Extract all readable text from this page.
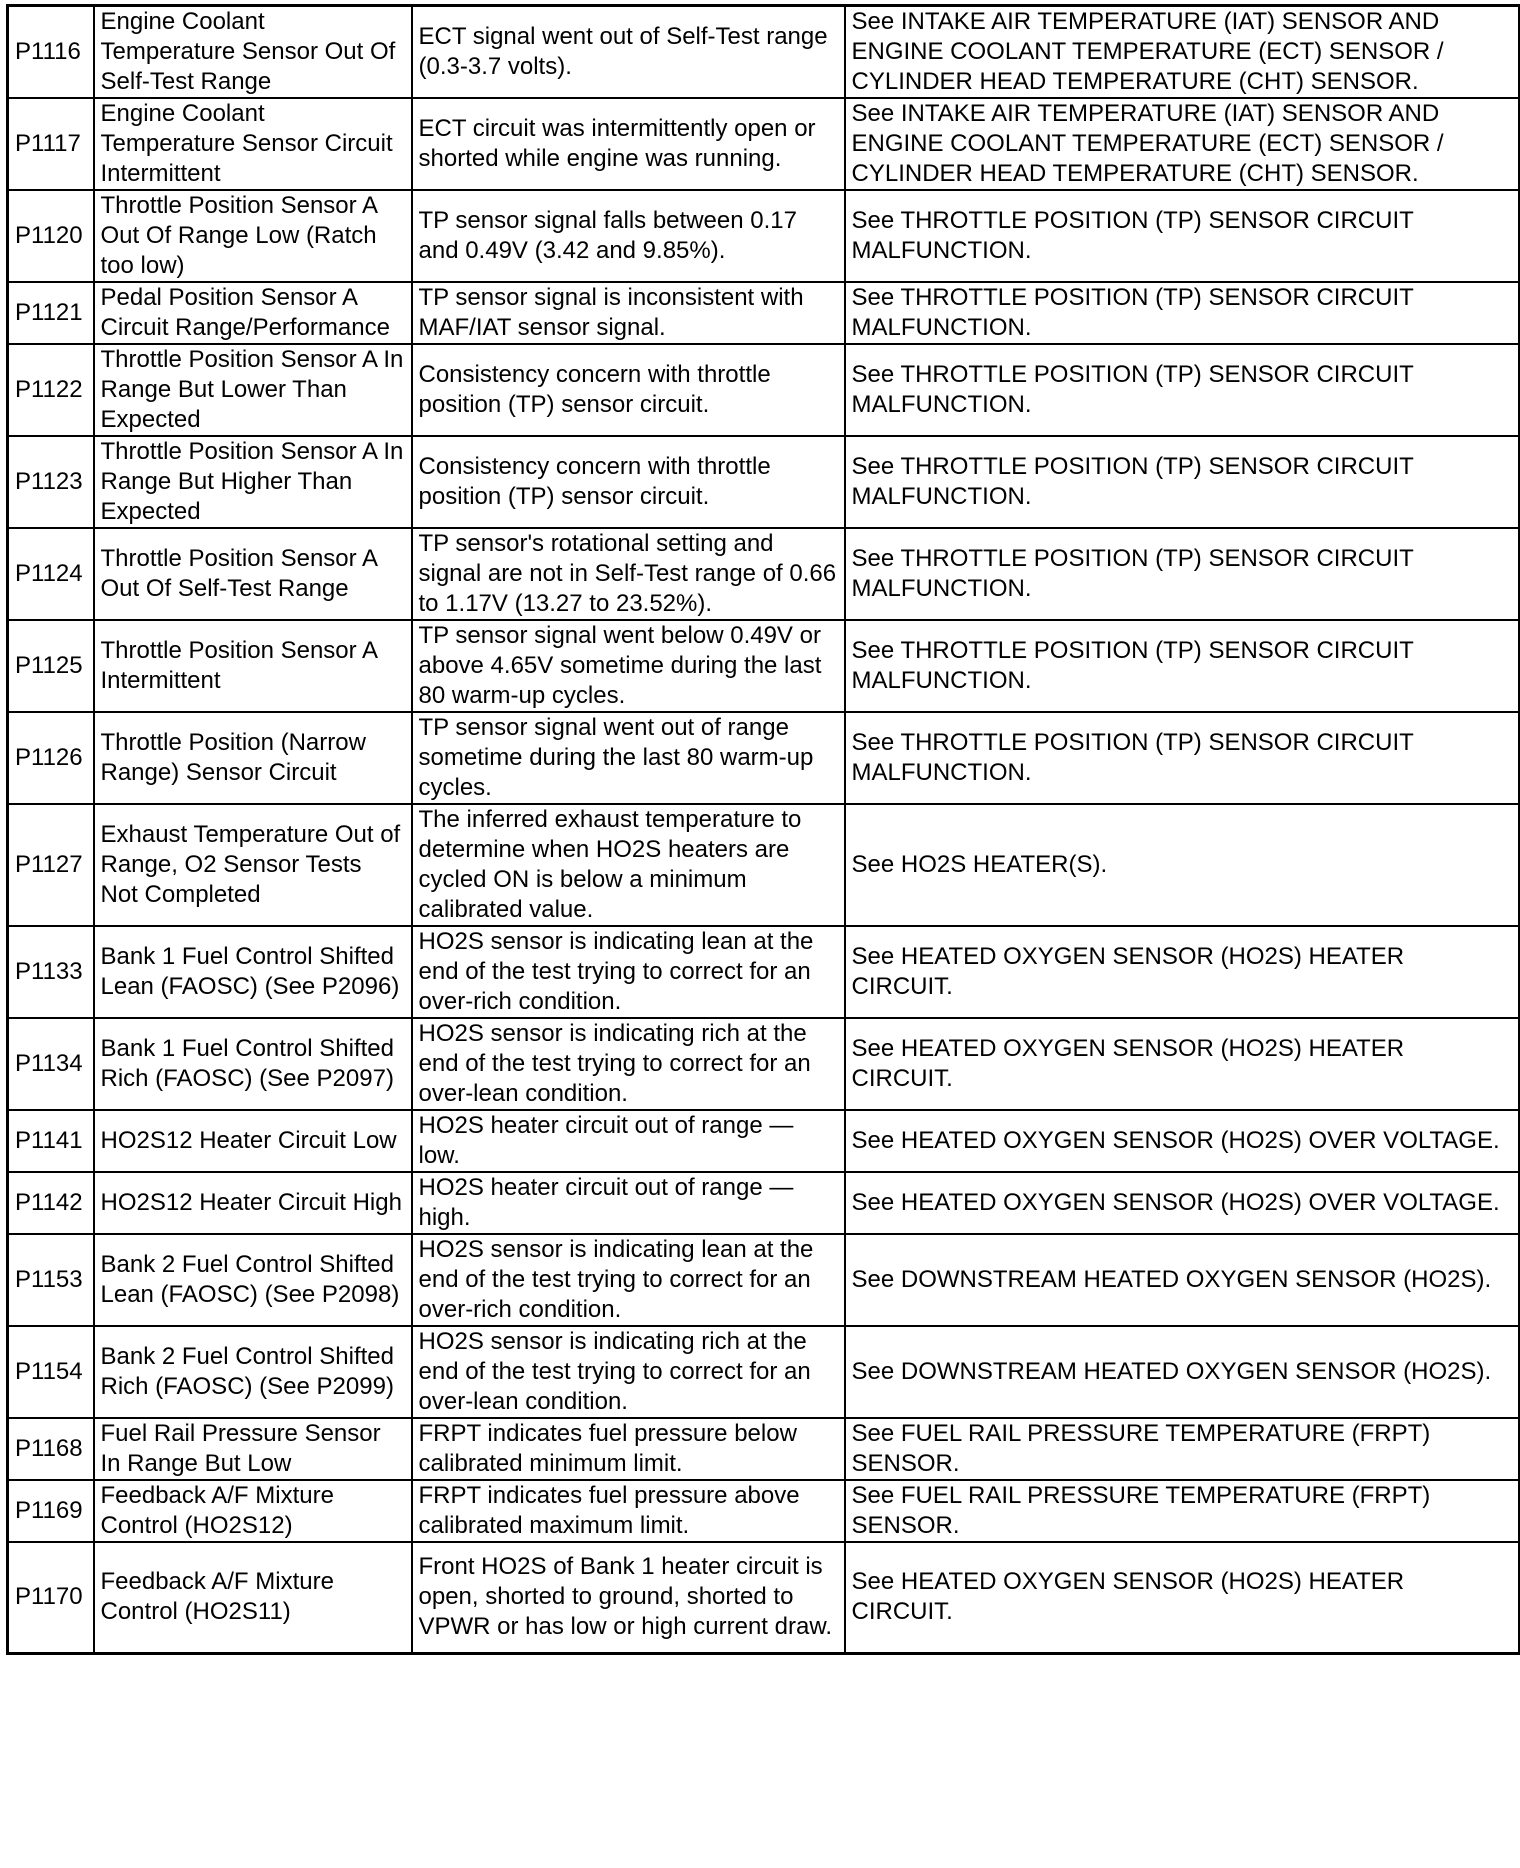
P1116	Engine Coolant Temperature Sensor Out Of Self-Test Range	ECT signal went out of Self-Test range (0.3-3.7 volts).	See INTAKE AIR TEMPERATURE (IAT) SENSOR AND ENGINE COOLANT TEMPERATURE (ECT) SENSOR / CYLINDER HEAD TEMPERATURE (CHT) SENSOR.
P1117	Engine Coolant Temperature Sensor Circuit Intermittent	ECT circuit was intermittently open or shorted while engine was running.	See INTAKE AIR TEMPERATURE (IAT) SENSOR AND ENGINE COOLANT TEMPERATURE (ECT) SENSOR / CYLINDER HEAD TEMPERATURE (CHT) SENSOR.
P1120	Throttle Position Sensor A Out Of Range Low (Ratch too low)	TP sensor signal falls between 0.17 and 0.49V (3.42 and 9.85%).	See THROTTLE POSITION (TP) SENSOR CIRCUIT MALFUNCTION.
P1121	Pedal Position Sensor A Circuit Range/Performance	TP sensor signal is inconsistent with MAF/IAT sensor signal.	See THROTTLE POSITION (TP) SENSOR CIRCUIT MALFUNCTION.
P1122	Throttle Position Sensor A In Range But Lower Than Expected	Consistency concern with throttle position (TP) sensor circuit.	See THROTTLE POSITION (TP) SENSOR CIRCUIT MALFUNCTION.
P1123	Throttle Position Sensor A In Range But Higher Than Expected	Consistency concern with throttle position (TP) sensor circuit.	See THROTTLE POSITION (TP) SENSOR CIRCUIT MALFUNCTION.
P1124	Throttle Position Sensor A Out Of Self-Test Range	TP sensor's rotational setting and signal are not in Self-Test range of 0.66 to 1.17V (13.27 to 23.52%).	See THROTTLE POSITION (TP) SENSOR CIRCUIT MALFUNCTION.
P1125	Throttle Position Sensor A Intermittent	TP sensor signal went below 0.49V or above 4.65V sometime during the last 80 warm-up cycles.	See THROTTLE POSITION (TP) SENSOR CIRCUIT MALFUNCTION.
P1126	Throttle Position (Narrow Range) Sensor Circuit	TP sensor signal went out of range sometime during the last 80 warm-up cycles.	See THROTTLE POSITION (TP) SENSOR CIRCUIT MALFUNCTION.
P1127	Exhaust Temperature Out of Range, O2 Sensor Tests Not Completed	The inferred exhaust temperature to determine when HO2S heaters are cycled ON is below a minimum calibrated value.	See HO2S HEATER(S).
P1133	Bank 1 Fuel Control Shifted Lean (FAOSC) (See P2096)	HO2S sensor is indicating lean at the end of the test trying to correct for an over-rich condition.	See HEATED OXYGEN SENSOR (HO2S) HEATER CIRCUIT.
P1134	Bank 1 Fuel Control Shifted Rich (FAOSC) (See P2097)	HO2S sensor is indicating rich at the end of the test trying to correct for an over-lean condition.	See HEATED OXYGEN SENSOR (HO2S) HEATER CIRCUIT.
P1141	HO2S12 Heater Circuit Low	HO2S heater circuit out of range — low.	See HEATED OXYGEN SENSOR (HO2S) OVER VOLTAGE.
P1142	HO2S12 Heater Circuit High	HO2S heater circuit out of range — high.	See HEATED OXYGEN SENSOR (HO2S) OVER VOLTAGE.
P1153	Bank 2 Fuel Control Shifted Lean (FAOSC) (See P2098)	HO2S sensor is indicating lean at the end of the test trying to correct for an over-rich condition.	See DOWNSTREAM HEATED OXYGEN SENSOR (HO2S).
P1154	Bank 2 Fuel Control Shifted Rich (FAOSC) (See P2099)	HO2S sensor is indicating rich at the end of the test trying to correct for an over-lean condition.	See DOWNSTREAM HEATED OXYGEN SENSOR (HO2S).
P1168	Fuel Rail Pressure Sensor In Range But Low	FRPT indicates fuel pressure below calibrated minimum limit.	See FUEL RAIL PRESSURE TEMPERATURE (FRPT) SENSOR.
P1169	Feedback A/F Mixture Control (HO2S12)	FRPT indicates fuel pressure above calibrated maximum limit.	See FUEL RAIL PRESSURE TEMPERATURE (FRPT) SENSOR.
P1170	Feedback A/F Mixture Control (HO2S11)	Front HO2S of Bank 1 heater circuit is open, shorted to ground, shorted to VPWR or has low or high current draw.	See HEATED OXYGEN SENSOR (HO2S) HEATER CIRCUIT.
